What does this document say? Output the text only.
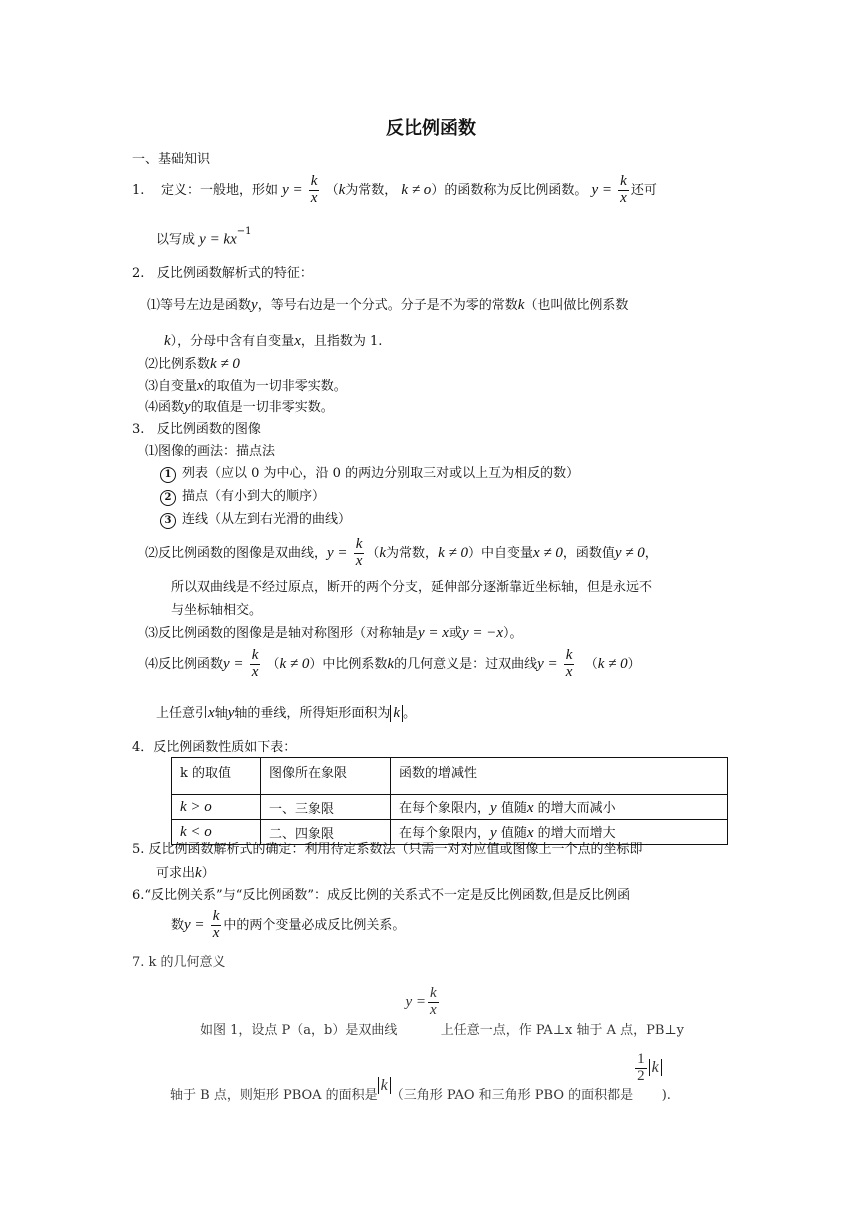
反比例函数
一、基础知识
1. 定义：一般地，形如 $y = \frac{k}{x} (k$为常数， k ≠ o）的函数称为反比例函数。 $y = \frac{k}{x}$ 还可
以写成 $y = kx^{-1}$
2. 反比例函数解析式的特征：
⑴等号左边是函数y，等号右边是一个分式。分子是不为零的常数k（也叫做比例系数
k），分母中含有自变量x，且指数为 1.
⑵比例系数k ≠ 0
⑶自变量x的取值为一切非零实数。
⑷函数y的取值是一切非零实数。
3. 反比例函数的图像
⑴图像的画法：描点法
1 列表（应以 0 为中心，沿 0 的两边分别取三对或以上互为相反的数）
2 描点（有小到大的顺序）
3 连线（从左到右光滑的曲线）
⑵反比例函数的图像是双曲线，$y = \frac{k}{x} (k$为常数，k ≠ 0）中自变量x ≠ 0，函数值y ≠ 0，
所以双曲线是不经过原点，断开的两个分支，延伸部分逐渐靠近坐标轴，但是永远不
与坐标轴相交。
⑶反比例函数的图像是是轴对称图形（对称轴是y = x或y = −x）。
⑷反比例函数$y = \frac{k}{x} (k \ne 0)$中比例系数k的几何意义是：过双曲线$y = \frac{k}{x} (k \ne 0)$
上任意引x轴y轴的垂线，所得矩形面积为 k 。
4．反比例函数性质如下表：
k 的取值	图像所在象限	函数的增减性
k > o	一、三象限	在每个象限内，y 值随x 的增大而减小
k < o	二、四象限	在每个象限内，y 值随x 的增大而增大
5. 反比例函数解析式的确定：利用待定系数法（只需一对对应值或图像上一个点的坐标即
可求出k）
6.“反比例关系”与“反比例函数”：成反比例的关系式不一定是反比例函数,但是反比例函
数$y = \frac{k}{x}$ 中的两个变量必成反比例关系。
7. k 的几何意义
如图 1，设点 P（a，b）是双曲线 $y = \frac{k}{x}$
上任意一点，作 PA⊥x 轴于 A 点，PB⊥y
轴于 B 点，则矩形 PBOA 的面积是k（三角形 PAO 和三角形 PBO 的面积都是
$\frac{1}{2} k$).
